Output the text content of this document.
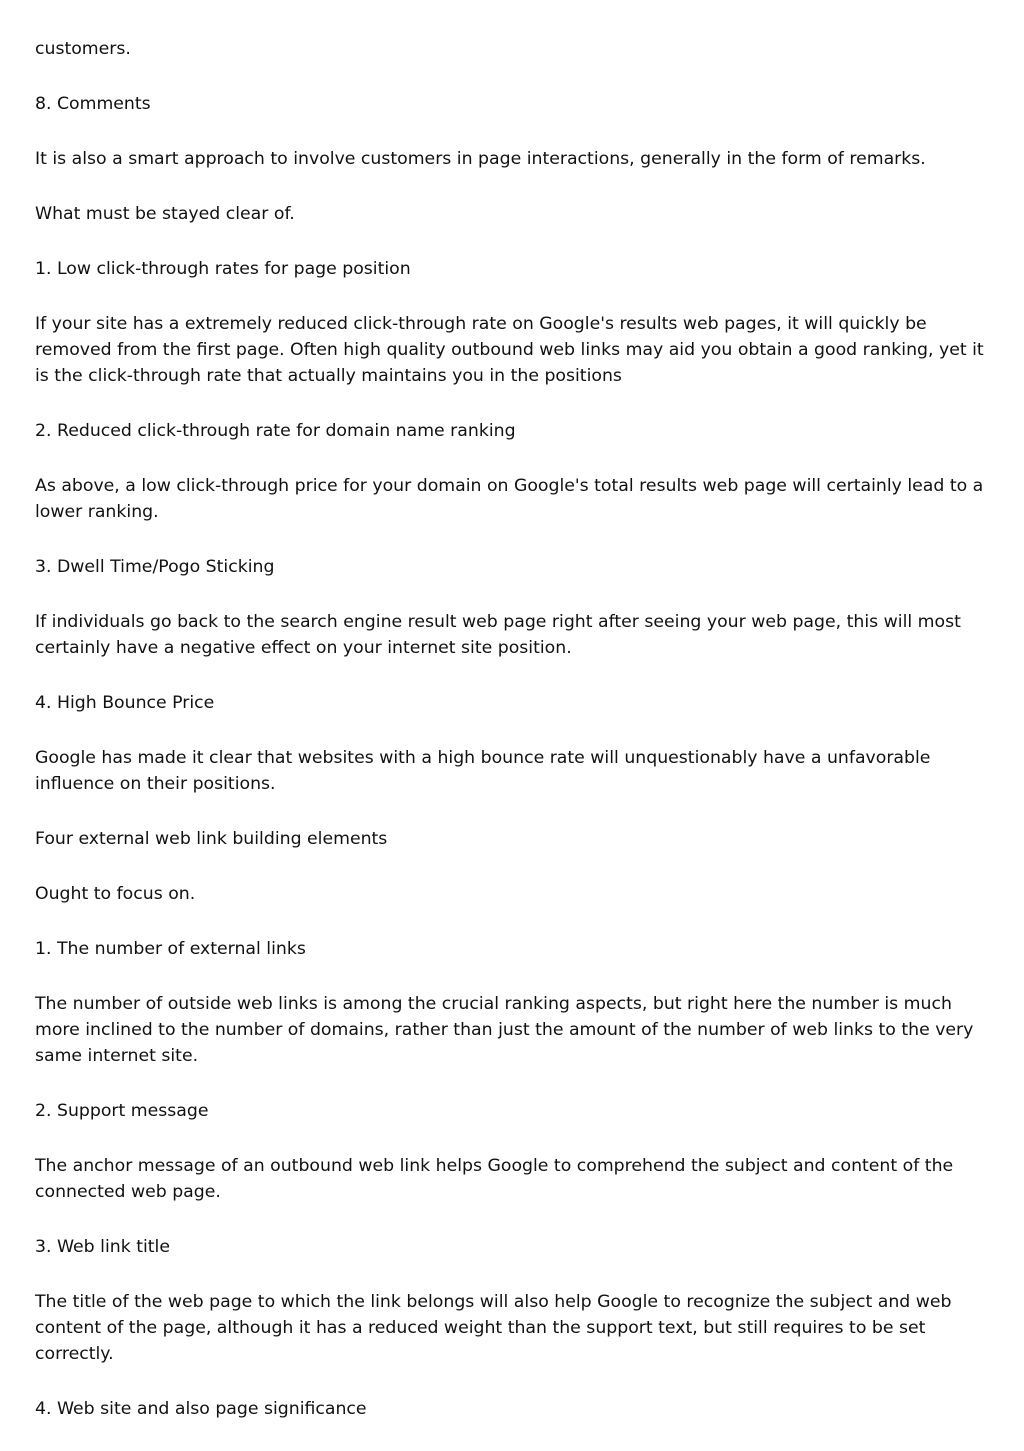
customers.

8. Comments

It is also a smart approach to involve customers in page interactions, generally in the form of remarks.

What must be stayed clear of.

1. Low click-through rates for page position

If your site has a extremely reduced click-through rate on Google's results web pages, it will quickly be removed from the first page. Often high quality outbound web links may aid you obtain a good ranking, yet it is the click-through rate that actually maintains you in the positions

2. Reduced click-through rate for domain name ranking

As above, a low click-through price for your domain on Google's total results web page will certainly lead to a lower ranking.

3. Dwell Time/Pogo Sticking

If individuals go back to the search engine result web page right after seeing your web page, this will most certainly have a negative effect on your internet site position.

4. High Bounce Price

Google has made it clear that websites with a high bounce rate will unquestionably have a unfavorable influence on their positions.

Four external web link building elements

Ought to focus on.

1. The number of external links

The number of outside web links is among the crucial ranking aspects, but right here the number is much more inclined to the number of domains, rather than just the amount of the number of web links to the very same internet site.

2. Support message

The anchor message of an outbound web link helps Google to comprehend the subject and content of the connected web page.

3. Web link title

The title of the web page to which the link belongs will also help Google to recognize the subject and web content of the page, although it has a reduced weight than the support text, but still requires to be set correctly.

4. Web site and also page significance
